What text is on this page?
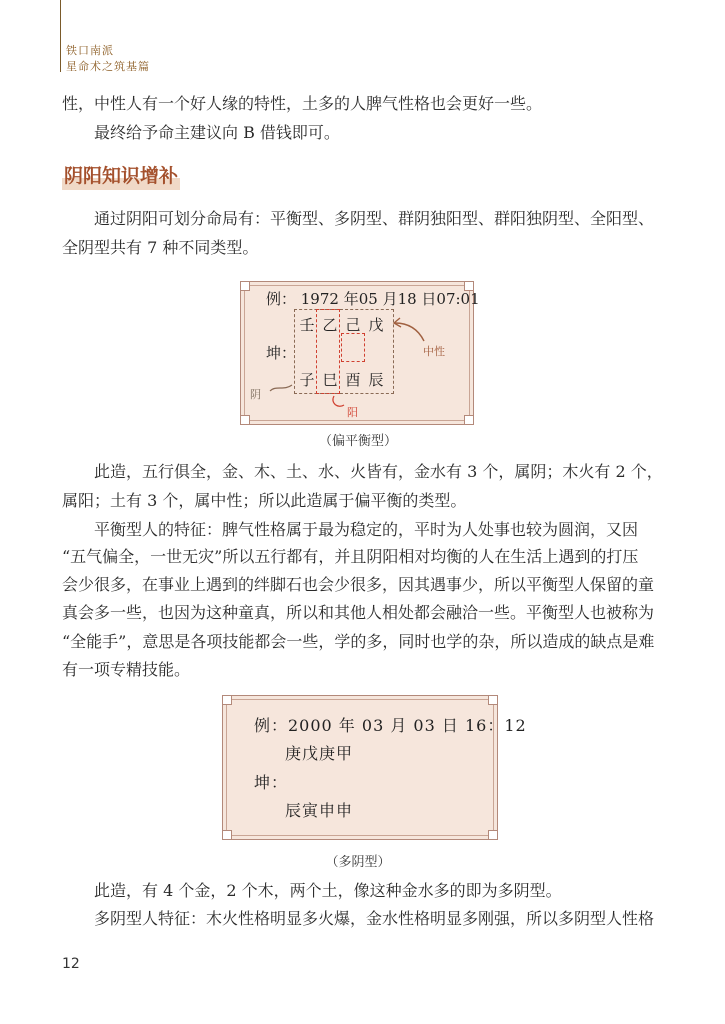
铁口南派
星命术之筑基篇
性，中性人有一个好人缘的特性，土多的人脾气性格也会更好一些。
最终给予命主建议向 B 借钱即可。
阴阳知识增补
通过阴阳可划分命局有：平衡型、多阴型、群阴独阳型、群阳独阴型、全阳型、
全阴型共有 7 种不同类型。
例： 1972 年05 月18 日07:01
壬 乙 己 戊
坤：
子 巳 酉 辰
中性
阴
阳
（偏平衡型）
此造，五行俱全，金、木、土、水、火皆有，金水有 3 个，属阴；木火有 2 个，
属阳；土有 3 个，属中性；所以此造属于偏平衡的类型。
平衡型人的特征：脾气性格属于最为稳定的，平时为人处事也较为圆润，又因
“五气偏全，一世无灾”所以五行都有，并且阴阳相对均衡的人在生活上遇到的打压
会少很多，在事业上遇到的绊脚石也会少很多，因其遇事少，所以平衡型人保留的童
真会多一些，也因为这种童真，所以和其他人相处都会融洽一些。平衡型人也被称为
“全能手”，意思是各项技能都会一些，学的多，同时也学的杂，所以造成的缺点是难
有一项专精技能。
例：2000 年 03 月 03 日 16：12
庚戊庚甲
坤：
辰寅申申
（多阴型）
此造，有 4 个金，2 个木，两个土，像这种金水多的即为多阴型。
多阴型人特征：木火性格明显多火爆，金水性格明显多刚强，所以多阴型人性格
12
